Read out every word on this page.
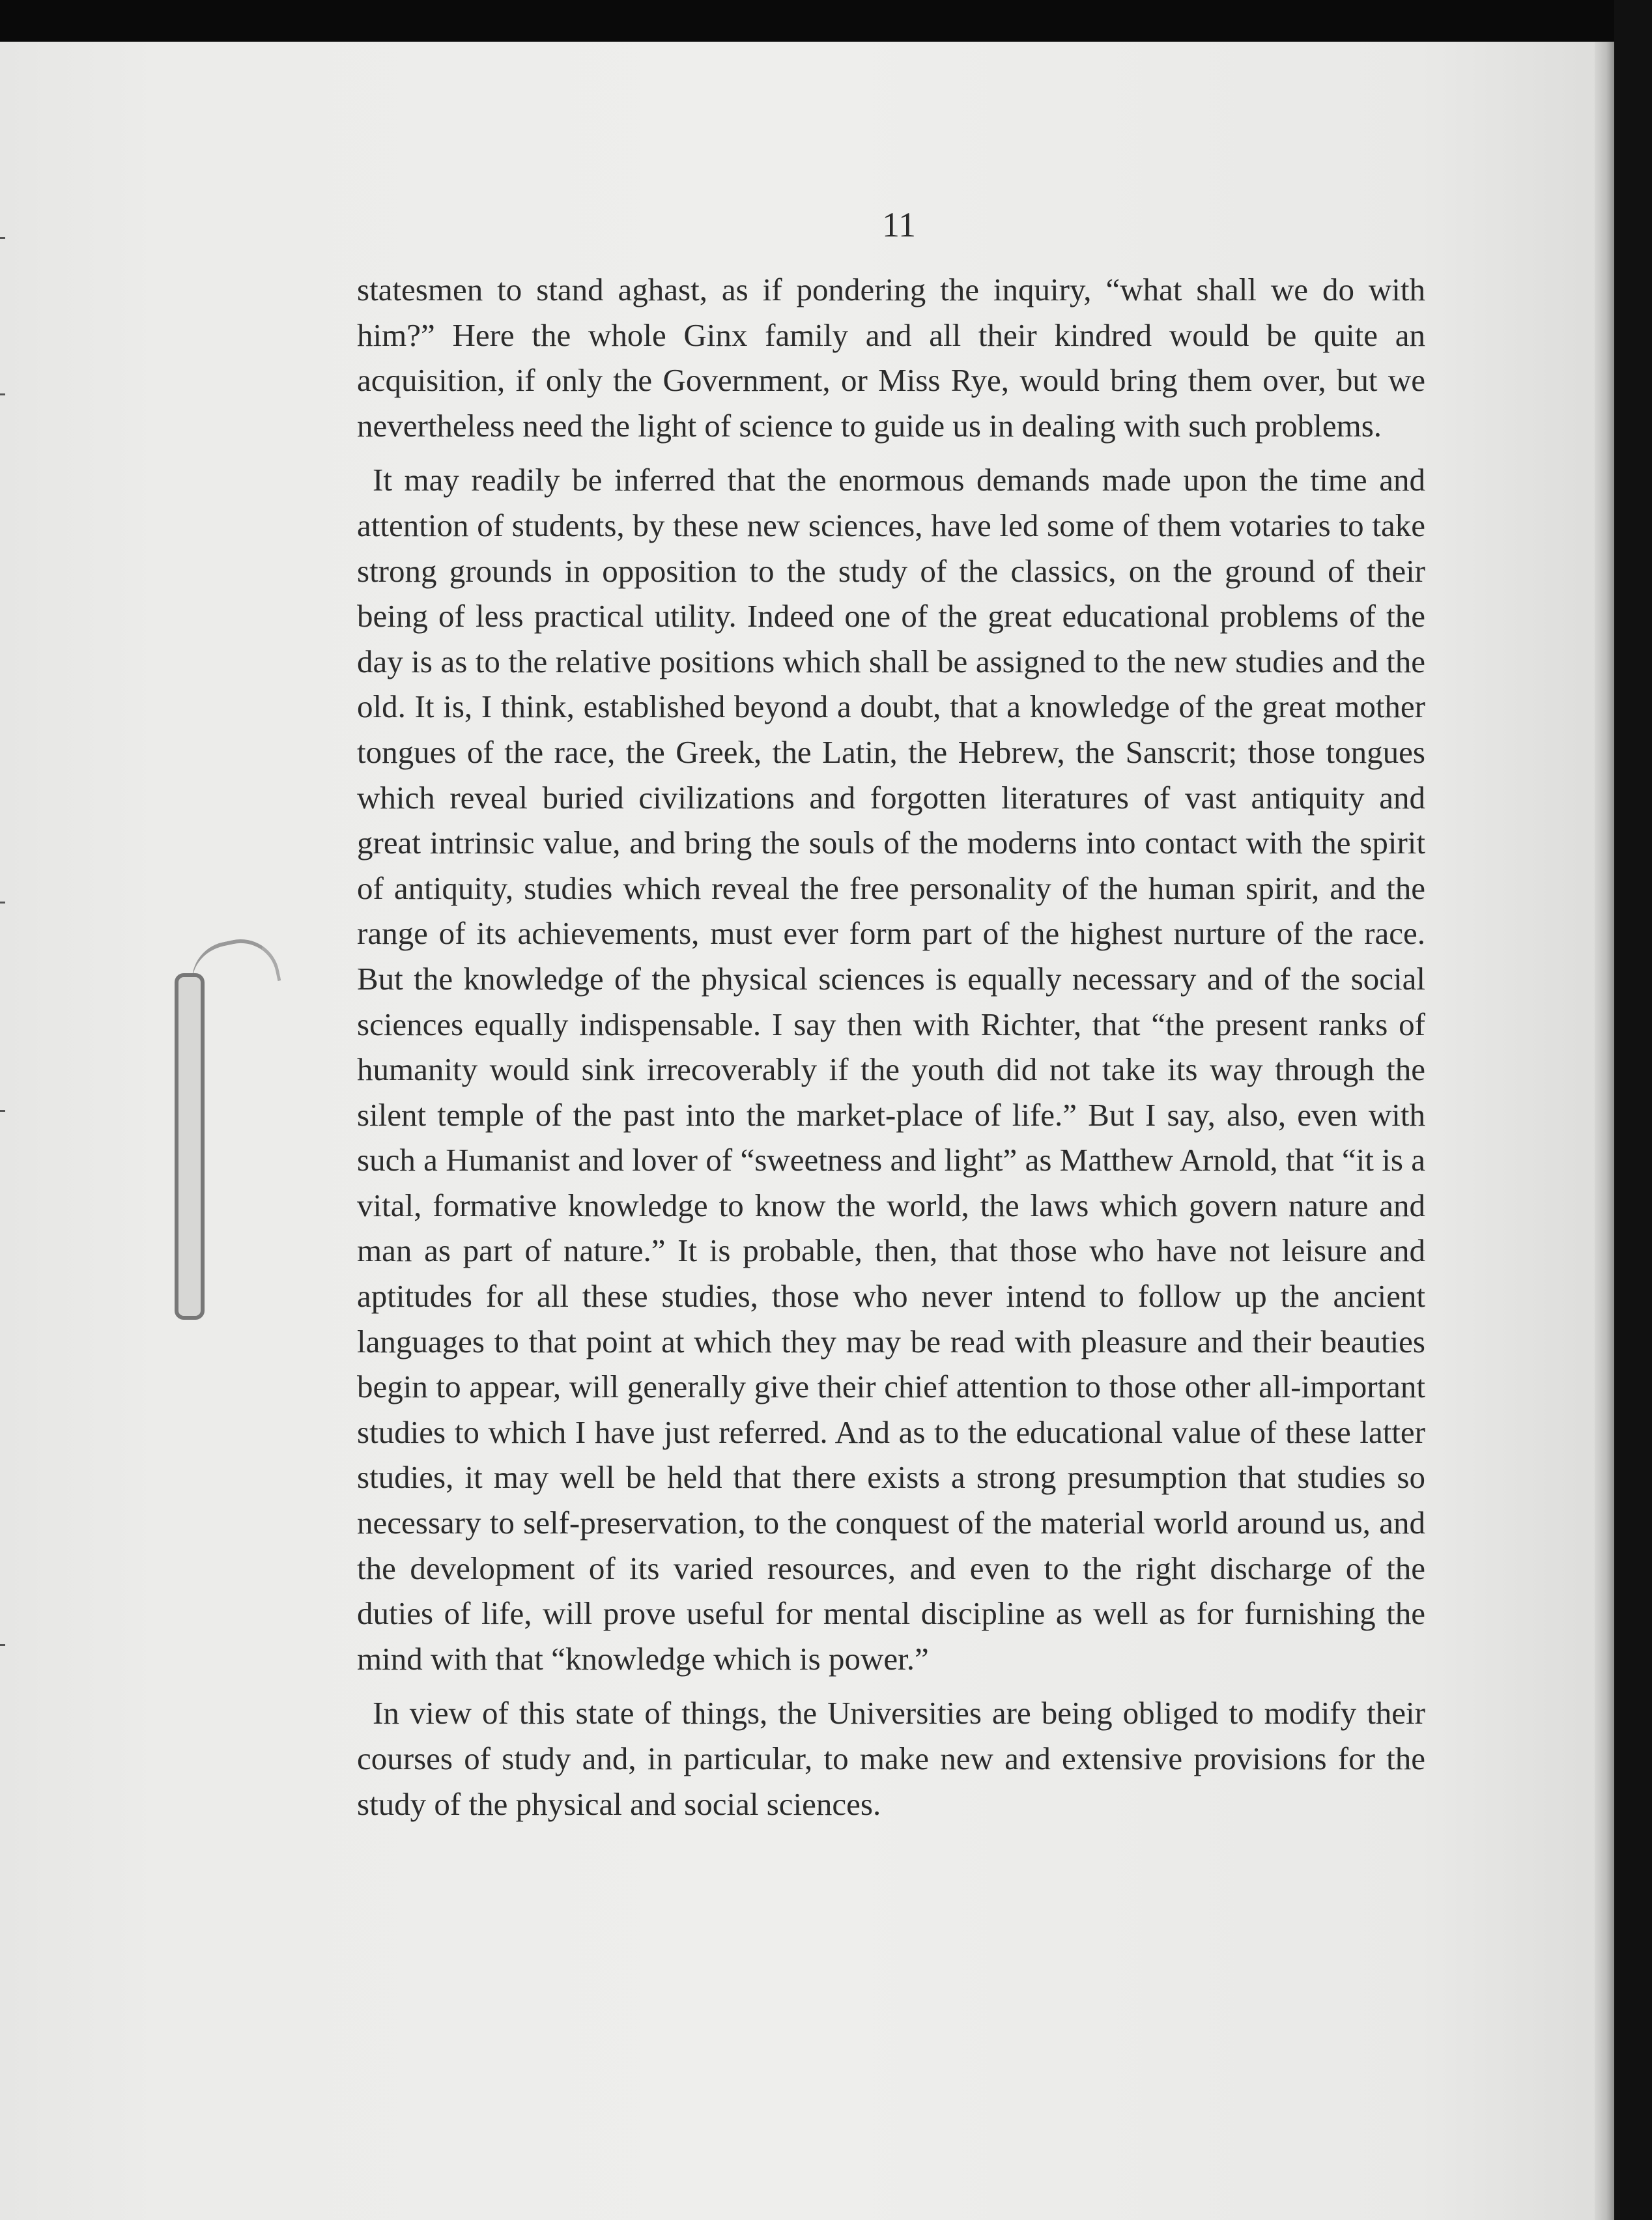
11

statesmen to stand aghast, as if pondering the inquiry, “what shall we do with him?” Here the whole Ginx family and all their kindred would be quite an acquisition, if only the Government, or Miss Rye, would bring them over, but we nevertheless need the light of science to guide us in dealing with such problems.

It may readily be inferred that the enormous demands made upon the time and attention of students, by these new sciences, have led some of them votaries to take strong grounds in opposition to the study of the classics, on the ground of their being of less practical utility. Indeed one of the great educational problems of the day is as to the relative positions which shall be assigned to the new studies and the old. It is, I think, established beyond a doubt, that a knowledge of the great mother tongues of the race, the Greek, the Latin, the Hebrew, the Sanscrit; those tongues which reveal buried civilizations and forgotten literatures of vast antiquity and great intrinsic value, and bring the souls of the moderns into contact with the spirit of antiquity, studies which reveal the free personality of the human spirit, and the range of its achievements, must ever form part of the highest nurture of the race. But the knowledge of the physical sciences is equally necessary and of the social sciences equally indispensable. I say then with Richter, that “the present ranks of humanity would sink irrecoverably if the youth did not take its way through the silent temple of the past into the market-place of life.” But I say, also, even with such a Humanist and lover of “sweetness and light” as Matthew Arnold, that “it is a vital, formative knowledge to know the world, the laws which govern nature and man as part of nature.” It is probable, then, that those who have not leisure and aptitudes for all these studies, those who never intend to follow up the ancient languages to that point at which they may be read with pleasure and their beauties begin to appear, will generally give their chief attention to those other all-important studies to which I have just referred. And as to the educational value of these latter studies, it may well be held that there exists a strong presumption that studies so necessary to self-preservation, to the conquest of the material world around us, and the development of its varied resources, and even to the right discharge of the duties of life, will prove useful for mental discipline as well as for furnishing the mind with that “knowledge which is power.”

In view of this state of things, the Universities are being obliged to modify their courses of study and, in particular, to make new and extensive provisions for the study of the physical and social sciences.
